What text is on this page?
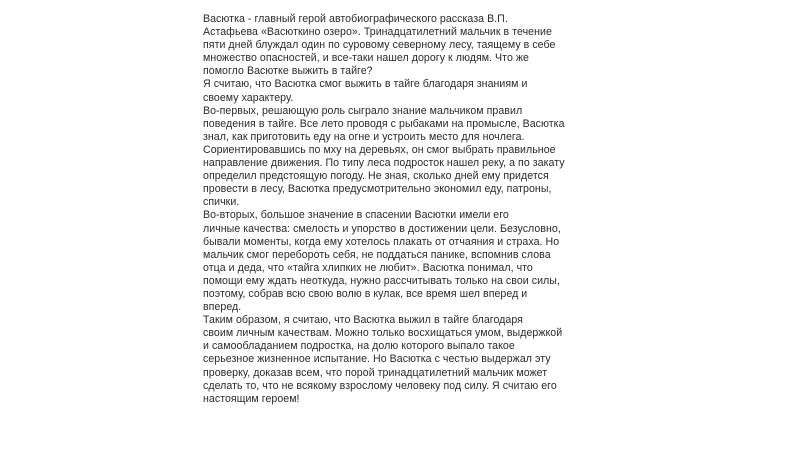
Васютка - главный герой автобиографического рассказа В.П.
Астафьева «Васюткино озеро». Тринадцатилетний мальчик в течение
пяти дней блуждал один по суровому северному лесу, таящему в себе
множество опасностей, и все-таки нашел дорогу к людям. Что же
помогло Васютке выжить в тайге?

Я считаю, что Васютка смог выжить в тайге благодаря знаниям и
своему характеру.

Во-первых, решающую роль сыграло знание мальчиком правил
поведения в тайге. Все лето проводя с рыбаками на промысле, Васютка
знал, как приготовить еду на огне и устроить место для ночлега.
Сориентировавшись по мху на деревьях, он смог выбрать правильное
направление движения. По типу леса подросток нашел реку, а по закату
определил предстоящую погоду. Не зная, сколько дней ему придется
провести в лесу, Васютка предусмотрительно экономил еду, патроны,
спички.

Во-вторых, большое значение в спасении Васютки имели его
личные качества: смелость и упорство в достижении цели. Безусловно,
бывали моменты, когда ему хотелось плакать от отчаяния и страха. Но
мальчик смог перебороть себя, не поддаться панике, вспомнив слова
отца и деда, что «тайга хлипких не любит». Васютка понимал, что
помощи ему ждать неоткуда, нужно рассчитывать только на свои силы,
поэтому, собрав всю свою волю в кулак, все время шел вперед и
вперед.

Таким образом, я считаю, что Васютка выжил в тайге благодаря
своим личным качествам. Можно только восхищаться умом, выдержкой
и самообладанием подростка, на долю которого выпало такое
серьезное жизненное испытание. Но Васютка с честью выдержал эту
проверку, доказав всем, что порой тринадцатилетний мальчик может
сделать то, что не всякому взрослому человеку под силу. Я считаю его
настоящим героем!
